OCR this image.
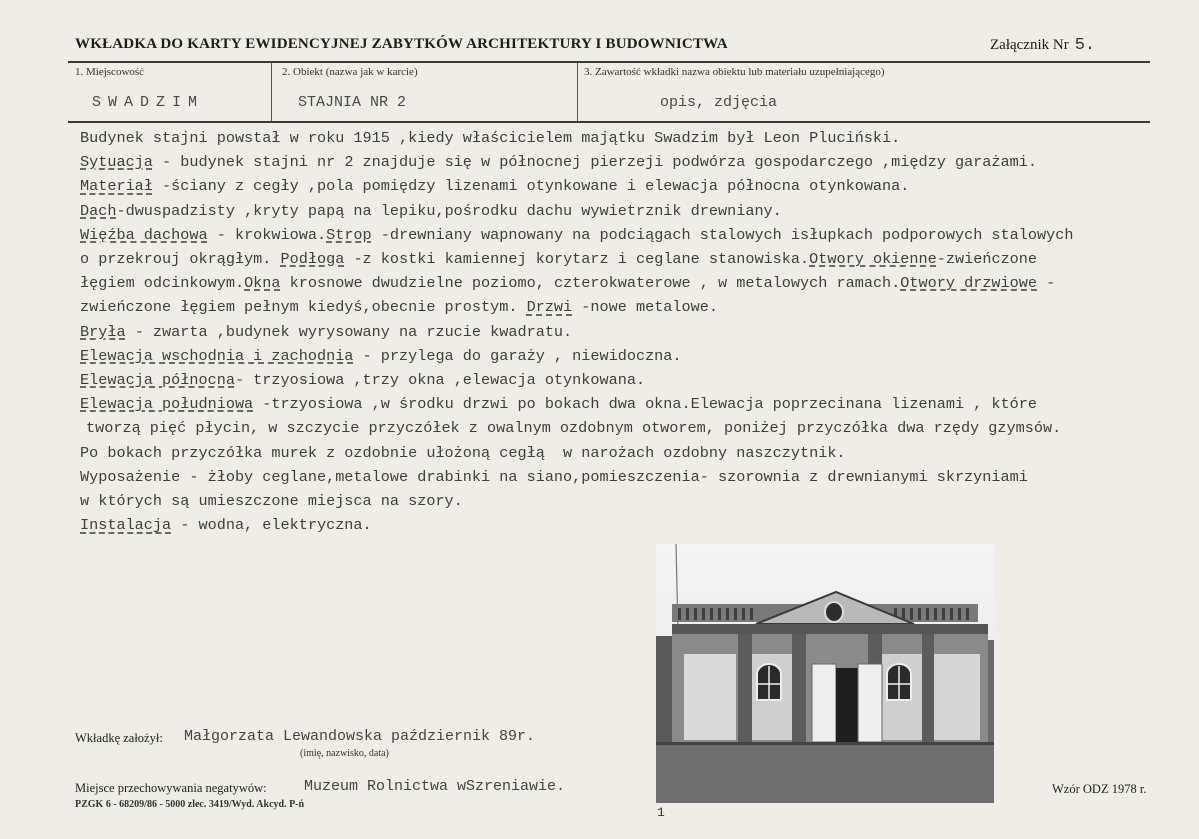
WKŁADKA DO KARTY EWIDENCYJNEJ ZABYTKÓW ARCHITEKTURY I BUDOWNICTWA	Załącznik Nr 5.
1. Miejscowość	2. Obiekt (nazwa jak w karcie)	3. Zawartość wkładki nazwa obiektu lub materiału uzupełniającego)
SWADZIM	STAJNIA NR 2	opis, zdjęcia
Budynek stajni powstał w roku 1915 ,kiedy właścicielem majątku Swadzim był Leon Pluciński.
Sytuacja - budynek stajni nr 2 znajduje się w północnej pierzeji podwórza gospodarczego ,między garażami.
Materiał -ściany z cegły ,pola pomiędzy lizenami otynkowane i elewacja północna otynkowana.
Dach-dwuspadzisty ,kryty papą na lepiku,pośrodku dachu wywietrznik drewniany.
Więźba dachowa - krokwiowa.Strop -drewniany wapnowany na podciągach stalowych isłupkach podporowych stalowych
o przekrouj okrągłym. Podłoga -z kostki kamiennej korytarz i ceglane stanowiska.Otwory okienne-zwieńczone
łęgiem odcinkowym.Okna krosnowe dwudzielne poziomo, czterokwaterowe , w metalowych ramach.Otwory drzwiowe -
zwieńczone łęgiem pełnym kiedyś,obecnie prostym. Drzwi -nowe metalowe.
Bryła - zwarta ,budynek wyrysowany na rzucie kwadratu.
Elewacja wschodnia i zachodnia - przylega do garaży , niewidoczna.
Elewacja północna- trzyosiowa ,trzy okna ,elewacja otynkowana.
Elewacja południowa -trzyosiowa ,w środku drzwi po bokach dwa okna.Elewacja poprzecinana lizenami , które
tworzą pięć płycin, w szczycie przyczółek z owalnym ozdobnym otworem, poniżej przyczółka dwa rzędy gzymsów.
Po bokach przyczółka murek z ozdobnie ułożoną cegłą  w narożach ozdobny naszczytnik.
Wyposażenie - żłoby ceglane,metalowe drabinki na siano,pomieszczenia- szorownia z drewnianymi skrzyniami
w których są umieszczone miejsca na szory.
Instalacja - wodna, elektryczna.
1
Wkładkę założył: Małgorzata Lewandowska październik 89r.
(imię, nazwisko, data)
Miejsce przechowywania negatywów: Muzeum Rolnictwa wSzreniawie.
PZGK 6 - 68209/86 - 5000 zlec. 3419/Wyd. Akcyd. P-ń
Wzór ODZ 1978 r.
